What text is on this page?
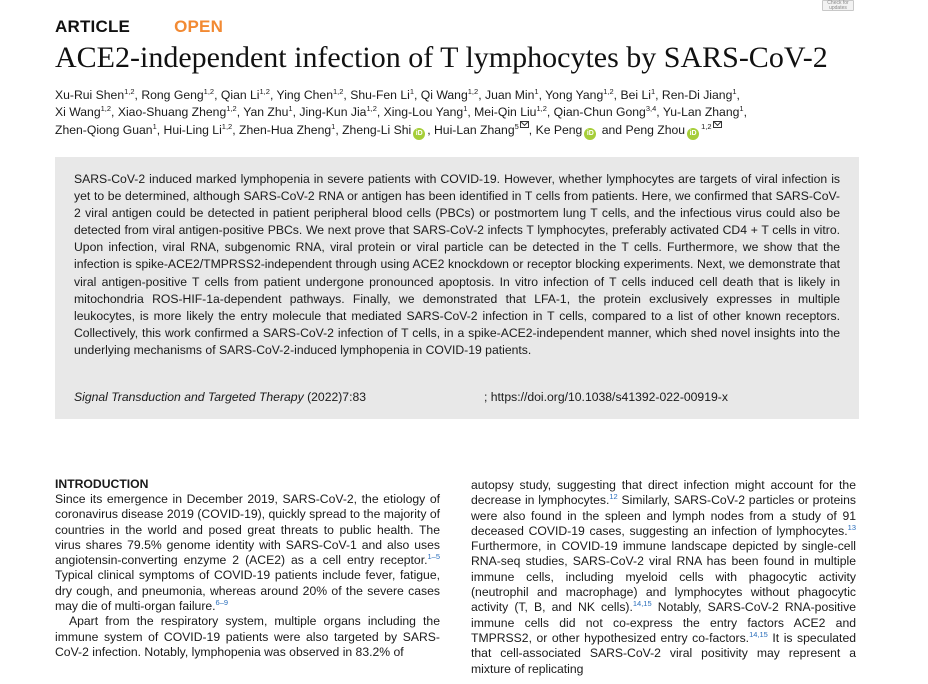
Check for updates
ARTICLE	OPEN
ACE2-independent infection of T lymphocytes by SARS-CoV-2
Xu-Rui Shen$^{1,2}$, Rong Geng$^{1,2}$, Qian Li$^{1,2}$, Ying Chen$^{1,2}$, Shu-Fen Li$^1$, Qi Wang$^{1,2}$, Juan Min$^1$, Yong Yang$^{1,2}$, Bei Li$^1$, Ren-Di Jiang$^1$,
Xi Wang$^{1,2}$, Xiao-Shuang Zheng$^{1,2}$, Yan Zhu$^1$, Jing-Kun Jia$^{1,2}$, Xing-Lou Yang$^1$, Mei-Qin Liu$^{1,2}$, Qian-Chun Gong$^{3,4}$, Yu-Lan Zhang$^1$,
Zhen-Qiong Guan$^1$, Hui-Ling Li$^{1,2}$, Zhen-Hua Zheng$^1$, Zheng-Li Shi iD , Hui-Lan Zhang$^5$ , Ke Peng iD and Peng Zhou iD$^{1,2}$
SARS-CoV-2 induced marked lymphopenia in severe patients with COVID-19. However, whether lymphocytes are targets of viral infection is yet to be determined, although SARS-CoV-2 RNA or antigen has been identified in T cells from patients. Here, we confirmed that SARS-CoV-2 viral antigen could be detected in patient peripheral blood cells (PBCs) or postmortem lung T cells, and the infectious virus could also be detected from viral antigen-positive PBCs. We next prove that SARS-CoV-2 infects T lymphocytes, preferably activated CD4 + T cells in vitro. Upon infection, viral RNA, subgenomic RNA, viral protein or viral particle can be detected in the T cells. Furthermore, we show that the infection is spike-ACE2/TMPRSS2-independent through using ACE2 knockdown or receptor blocking experiments. Next, we demonstrate that viral antigen-positive T cells from patient undergone pronounced apoptosis. In vitro infection of T cells induced cell death that is likely in mitochondria ROS-HIF-1a-dependent pathways. Finally, we demonstrated that LFA-1, the protein exclusively expresses in multiple leukocytes, is more likely the entry molecule that mediated SARS-CoV-2 infection in T cells, compared to a list of other known receptors. Collectively, this work confirmed a SARS-CoV-2 infection of T cells, in a spike-ACE2-independent manner, which shed novel insights into the underlying mechanisms of SARS-CoV-2-induced lymphopenia in COVID-19 patients.
Signal Transduction and Targeted Therapy (2022)7:83	; https://doi.org/10.1038/s41392-022-00919-x

INTRODUCTION

Since its emergence in December 2019, SARS-CoV-2, the etiology of coronavirus disease 2019 (COVID-19), quickly spread to the majority of countries in the world and posed great threats to public health. The virus shares 79.5% genome identity with SARS-CoV-1 and also uses angiotensin-converting enzyme 2 (ACE2) as a cell entry receptor.$^{1-5}$ Typical clinical symptoms of COVID-19 patients include fever, fatigue, dry cough, and pneumonia, whereas around 20% of the severe cases may die of multi-organ failure.$^{6-9}$

Apart from the respiratory system, multiple organs including the immune system of COVID-19 patients were also targeted by SARS-CoV-2 infection. Notably, lymphopenia was observed in 83.2% of

autopsy study, suggesting that direct infection might account for the decrease in lymphocytes.$^{12}$ Similarly, SARS-CoV-2 particles or proteins were also found in the spleen and lymph nodes from a study of 91 deceased COVID-19 cases, suggesting an infection of lymphocytes.$^{13}$ Furthermore, in COVID-19 immune landscape depicted by single-cell RNA-seq studies, SARS-CoV-2 viral RNA has been found in multiple immune cells, including myeloid cells with phagocytic activity (neutrophil and macrophage) and lymphocytes without phagocytic activity (T, B, and NK cells).$^{14,15}$ Notably, SARS-CoV-2 RNA-positive immune cells did not co-express the entry factors ACE2 and TMPRSS2, or other hypothesized entry co-factors.$^{14,15}$ It is speculated that cell-associated SARS-CoV-2 viral positivity may represent a mixture of replicating
